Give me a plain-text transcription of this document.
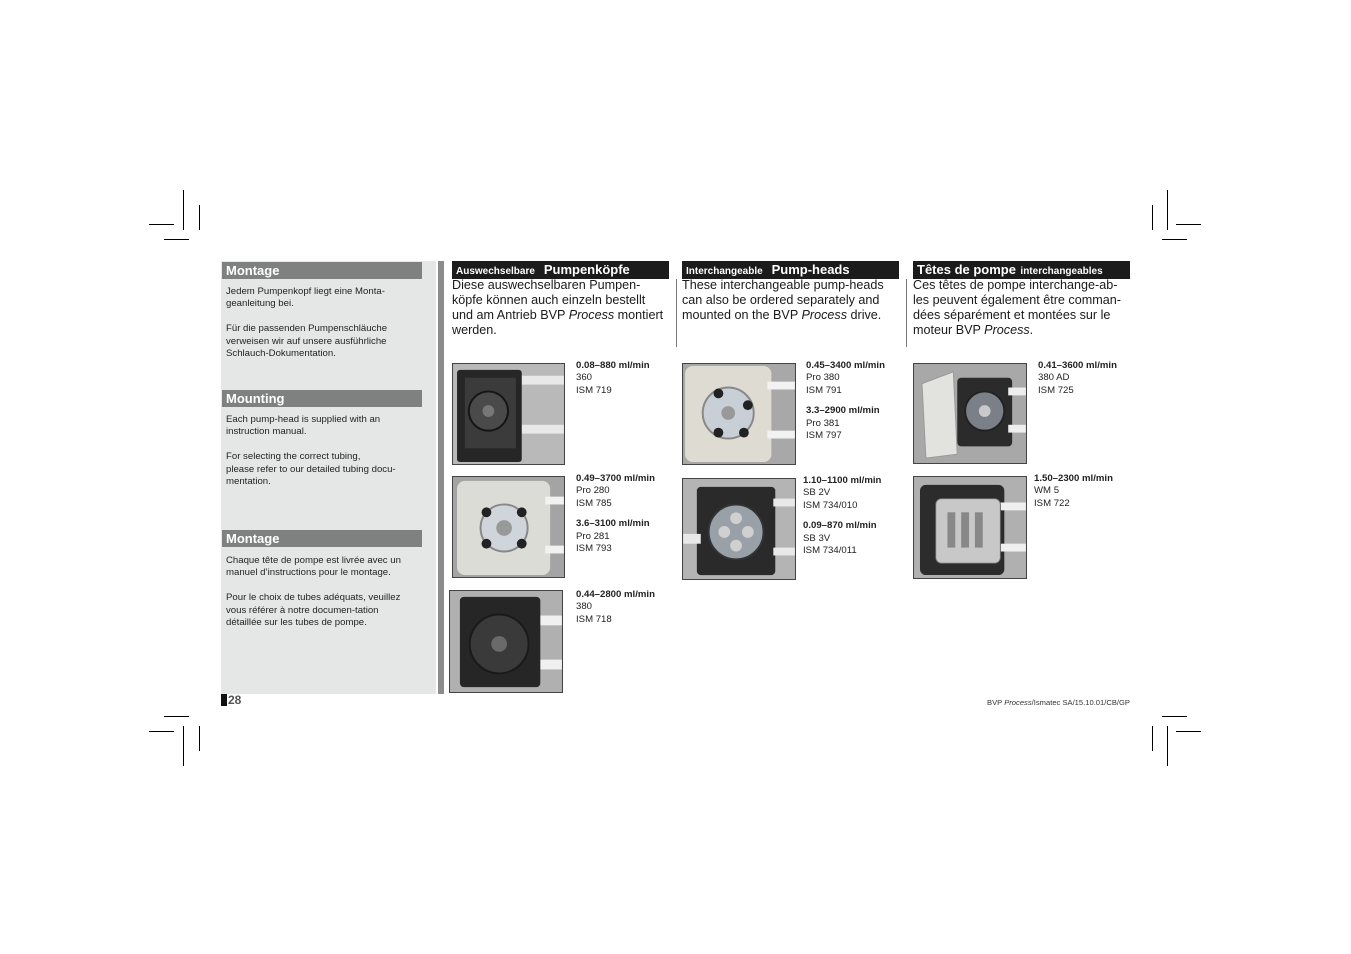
Montage

Jedem Pumpenkopf liegt eine Monta-
geanleitung bei.

Für die passenden Pumpenschläuche
verweisen wir auf unsere ausführliche
Schlauch-Dokumentation.

Mounting

Each pump-head is supplied with an
instruction manual.

For selecting the correct tubing,
please refer to our detailed tubing docu-
mentation.

Montage

Chaque tête de pompe est livrée avec un
manuel d’instructions pour le montage.

Pour le choix de tubes adéquats, veuillez
vous référer à notre documen-tation
détaillée sur les tubes de pompe.

Auswechselbare Pumpenköpfe	Interchangeable Pump-heads	Têtes de pompe interchangeables
Diese auswechselbaren Pumpen-
köpfe können auch einzeln bestellt
und am Antrieb BVP Process montiert
werden.
These interchangeable pump-heads
can also be ordered separately and
mounted on the BVP Process drive.
Ces têtes de pompe interchange-ab-
les peuvent également être comman-
dées séparément et montées sur le
moteur BVP Process.
0.08–880 ml/min
360
ISM 719
0.49–3700 ml/min
Pro 280
ISM 785
3.6–3100 ml/min
Pro 281
ISM 793
0.44–2800 ml/min
380
ISM 718
0.45–3400 ml/min
Pro 380
ISM 791
3.3–2900 ml/min
Pro 381
ISM 797
1.10–1100 ml/min
SB 2V
ISM 734/010
0.09–870 ml/min
SB 3V
ISM 734/011
0.41–3600 ml/min
380 AD
ISM 725
1.50–2300 ml/min
WM 5
ISM 722
28	BVP Process/Ismatec SA/15.10.01/CB/GP
